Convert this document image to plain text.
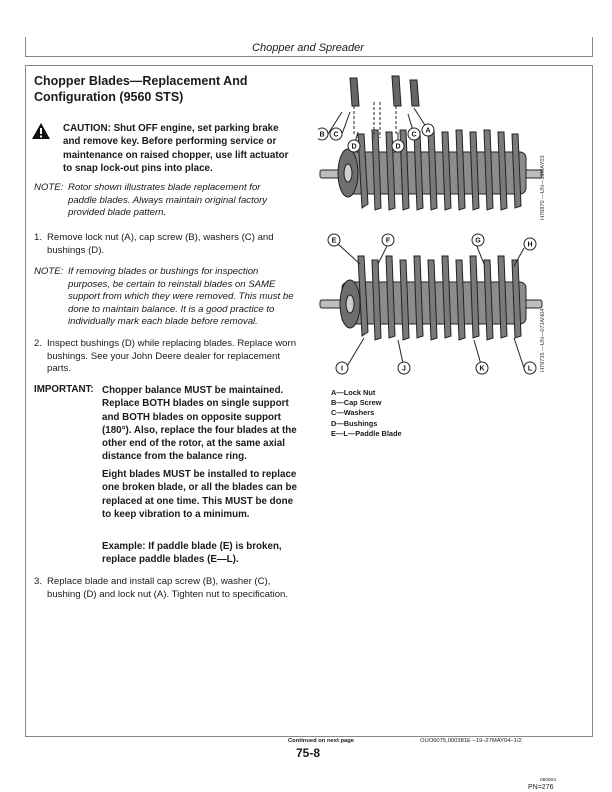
Chopper and Spreader
Chopper Blades—Replacement And Configuration (9560 STS)
CAUTION: Shut OFF engine, set parking brake and remove key. Before performing service or maintenance on raised chopper, use lift actuator to snap lock-out pins into place.
NOTE: Rotor shown illustrates blade replacement for paddle blades. Always maintain original factory provided blade pattern.
1. Remove lock nut (A), cap screw (B), washers (C) and bushings (D).
NOTE: If removing blades or bushings for inspection purposes, be certain to reinstall blades on SAME support from which they were removed. This must be done to maintain balance. It is a good practice to individually mark each blade before removal.
2. Inspect bushings (D) while replacing blades. Replace worn bushings. See your John Deere dealer for replacement parts.
IMPORTANT: Chopper balance MUST be maintained. Replace BOTH blades on single support and BOTH blades on opposite support (180°). Also, replace the four blades at the other end of the rotor, at the same axial distance from the balance ring.
Eight blades MUST be installed to replace one broken blade, or all the blades can be replaced at one time. This MUST be done to keep vibration to a minimum.
Example: If paddle blade (E) is broken, replace paddle blades (E—L).
3. Replace blade and install cap screw (B), washer (C), bushing (D) and lock nut (A). Tighten nut to specification.
B C
D	D
C
A
H76870 —UN—13MAY03
E	F	G
H
I	J	K	L H79735 —UN—07JAN04
A—Lock Nut
B—Cap Screw
C—Washers
D—Bushings
E—L—Paddle Blade
Continued on next page	OUO6075,000381E –19–27MAY04–1/2
75-8
080504
PN=276
